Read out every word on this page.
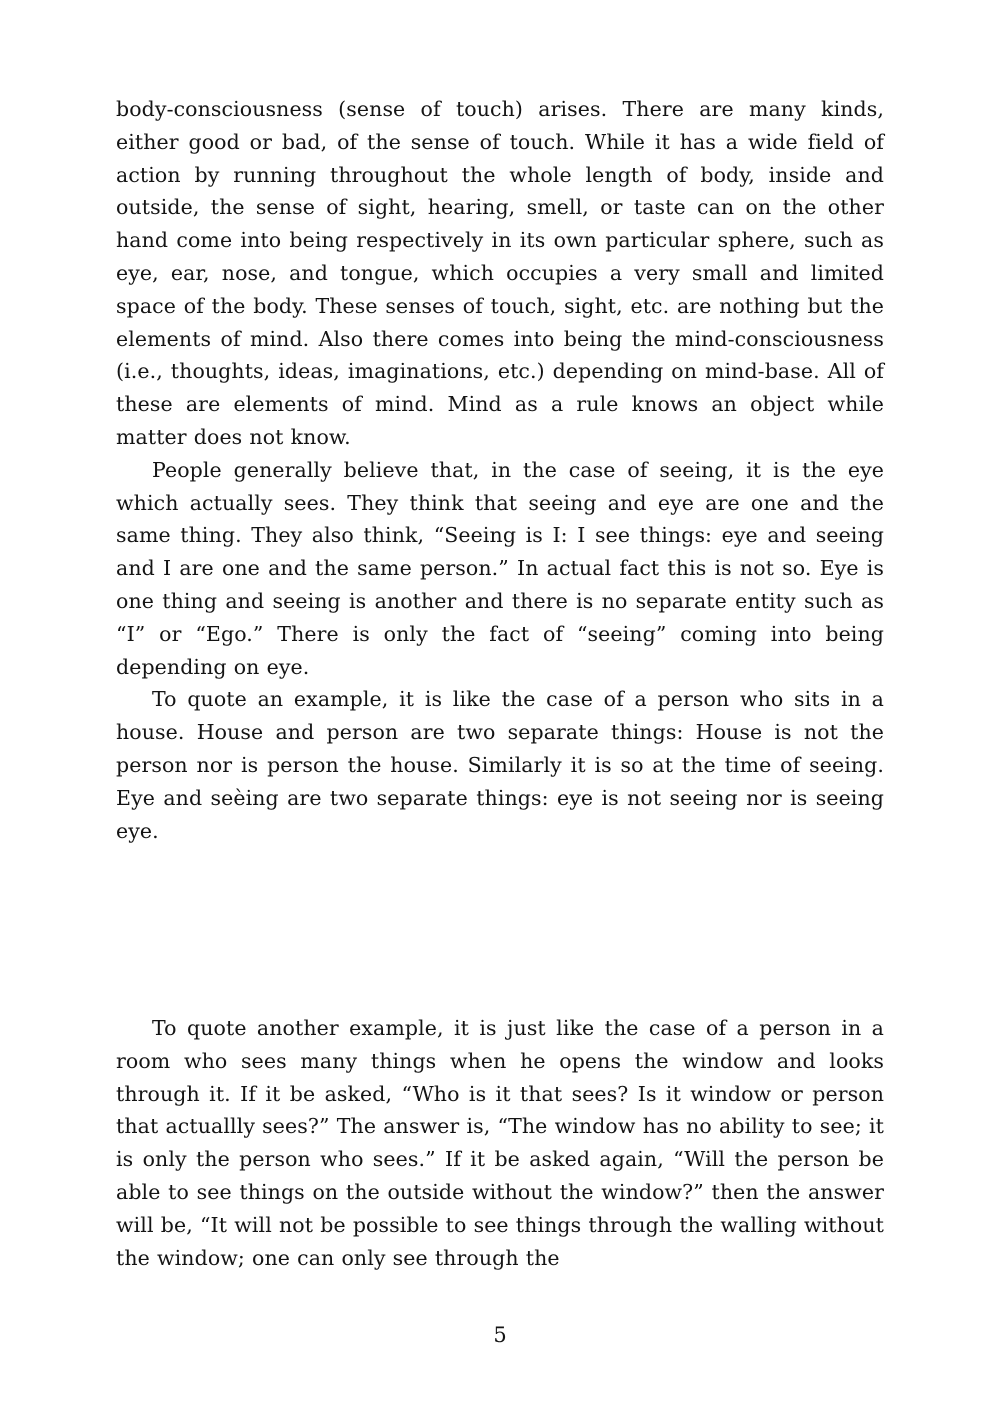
body-consciousness (sense of touch) arises. There are many kinds, either good or bad, of the sense of touch. While it has a wide field of action by running throughout the whole length of body, inside and outside, the sense of sight, hearing, smell, or taste can on the other hand come into being respectively in its own particular sphere, such as eye, ear, nose, and tongue, which occupies a very small and limited space of the body. These senses of touch, sight, etc. are nothing but the elements of mind. Also there comes into being the mind-consciousness (i.e., thoughts, ideas, imaginations, etc.) depending on mind-base. All of these are elements of mind. Mind as a rule knows an object while matter does not know.

People generally believe that, in the case of seeing, it is the eye which actually sees. They think that seeing and eye are one and the same thing. They also think, “Seeing is I: I see things: eye and seeing and I are one and the same person.” In actual fact this is not so. Eye is one thing and seeing is another and there is no separate entity such as “I” or “Ego.” There is only the fact of “seeing” coming into being depending on eye.

To quote an example, it is like the case of a person who sits in a house. House and person are two separate things: House is not the person nor is person the house. Similarly it is so at the time of seeing. Eye and seèing are two separate things: eye is not seeing nor is seeing eye.

To quote another example, it is just like the case of a person in a room who sees many things when he opens the window and looks through it. If it be asked, “Who is it that sees? Is it window or person that actuallly sees?” The answer is, “The window has no ability to see; it is only the person who sees.” If it be asked again, “Will the person be able to see things on the outside without the window?” then the answer will be, “It will not be possible to see things through the walling without the window; one can only see through the

5
